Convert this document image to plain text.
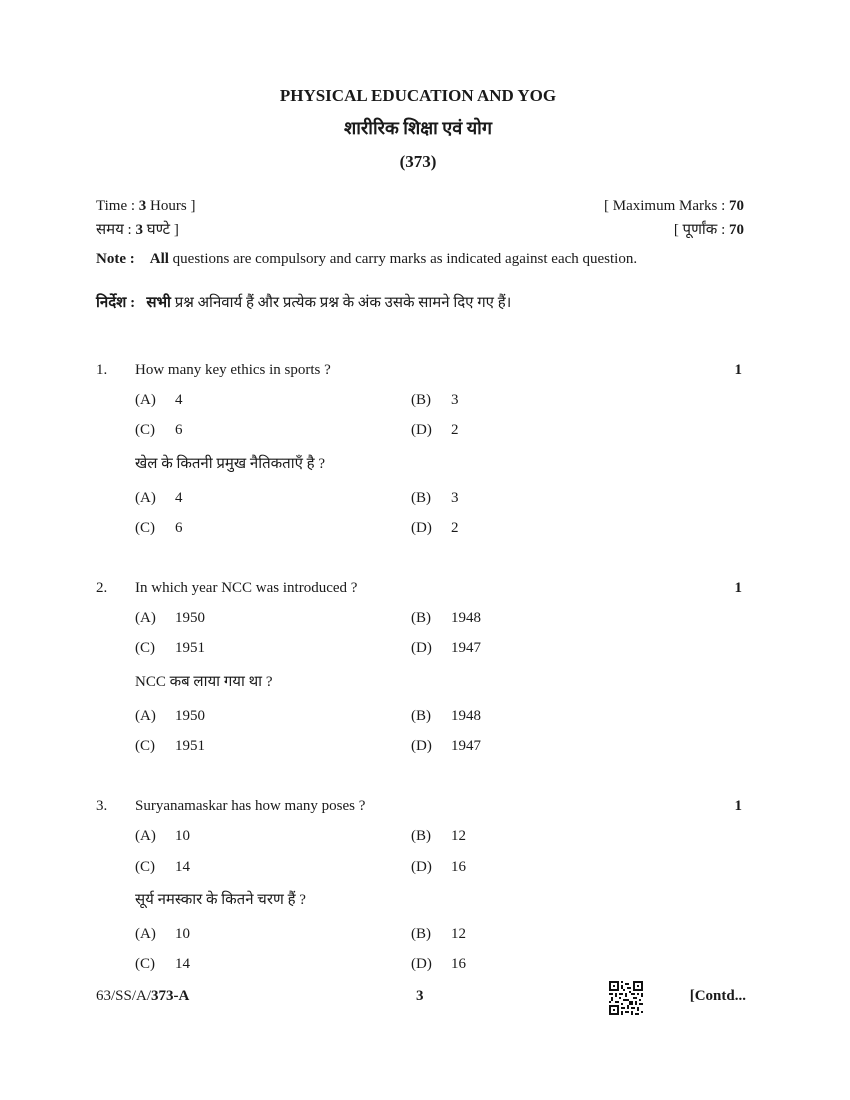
PHYSICAL EDUCATION AND YOG
शारीरिक शिक्षा एवं योग
(373)
Time : 3 Hours ]
समय : 3 घण्टे ]
[ Maximum Marks : 70
[ पूर्णांक : 70
Note : All questions are compulsory and carry marks as indicated against each question.
निर्देश : सभी प्रश्न अनिवार्य हैं और प्रत्येक प्रश्न के अंक उसके सामने दिए गए हैं।
1. How many key ethics in sports ?	1
(A) 4	(B) 3
(C) 6	(D) 2
खेल के कितनी प्रमुख नैतिकताएँ है ?
(A) 4	(B) 3
(C) 6	(D) 2
2. In which year NCC was introduced ?	1
(A) 1950	(B) 1948
(C) 1951	(D) 1947
NCC कब लाया गया था ?
(A) 1950	(B) 1948
(C) 1951	(D) 1947
3. Suryanamaskar has how many poses ?	1
(A) 10	(B) 12
(C) 14	(D) 16
सूर्य नमस्कार के कितने चरण हैं ?
(A) 10	(B) 12
(C) 14	(D) 16
63/SS/A/373-A	3	[Contd...
